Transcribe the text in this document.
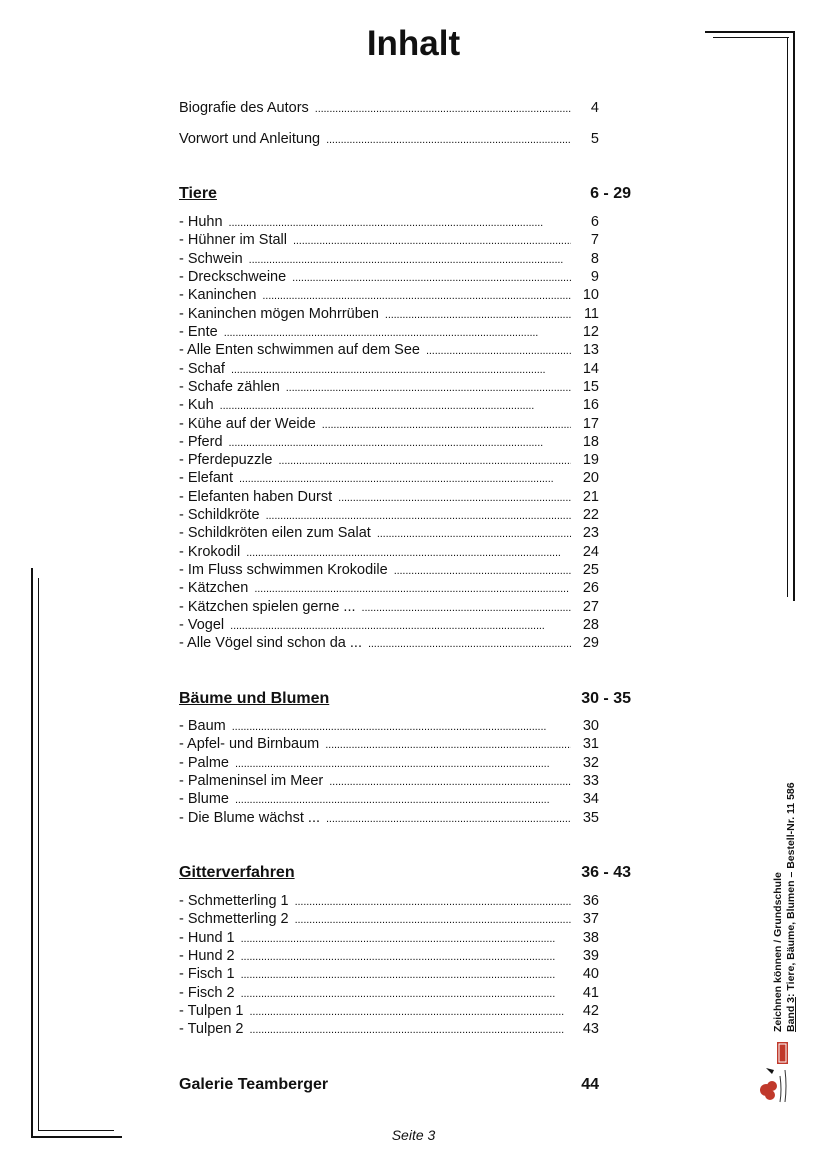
Inhalt
Biografie des Autors . . .	4
Vorwort und Anleitung . . .	5
Tiere	6 - 29
- Huhn . . .	6
- Hühner im Stall . . .	7
- Schwein . . .	8
- Dreckschweine . . .	9
- Kaninchen . . .	10
- Kaninchen mögen Mohrrüben . . .	11
- Ente . . .	12
- Alle Enten schwimmen auf dem See . . .	13
- Schaf . . .	14
- Schafe zählen . . .	15
- Kuh . . .	16
- Kühe auf der Weide . . .	17
- Pferd . . .	18
- Pferdepuzzle . . .	19
- Elefant . . .	20
- Elefanten haben Durst . . .	21
- Schildkröte . . .	22
- Schildkröten eilen zum Salat . . .	23
- Krokodil . . .	24
- Im Fluss schwimmen Krokodile . . .	25
- Kätzchen . . .	26
- Kätzchen spielen gerne ... . . .	27
- Vogel . . .	28
- Alle Vögel sind schon da ... . . .	29
Bäume und Blumen	30 - 35
- Baum . . .	30
- Apfel- und Birnbaum . . .	31
- Palme . . .	32
- Palmeninsel im Meer . . .	33
- Blume . . .	34
- Die Blume wächst ... . . .	35
Gitterverfahren	36 - 43
- Schmetterling 1 . . .	36
- Schmetterling 2 . . .	37
- Hund 1 . . .	38
- Hund 2 . . .	39
- Fisch 1 . . .	40
- Fisch 2 . . .	41
- Tulpen 1 . . .	42
- Tulpen 2 . . .	43
Galerie Teamberger	44
Zeichnen können / Grundschule Band 3: Tiere, Bäume, Blumen – Bestell-Nr. 11 586
Seite 3
